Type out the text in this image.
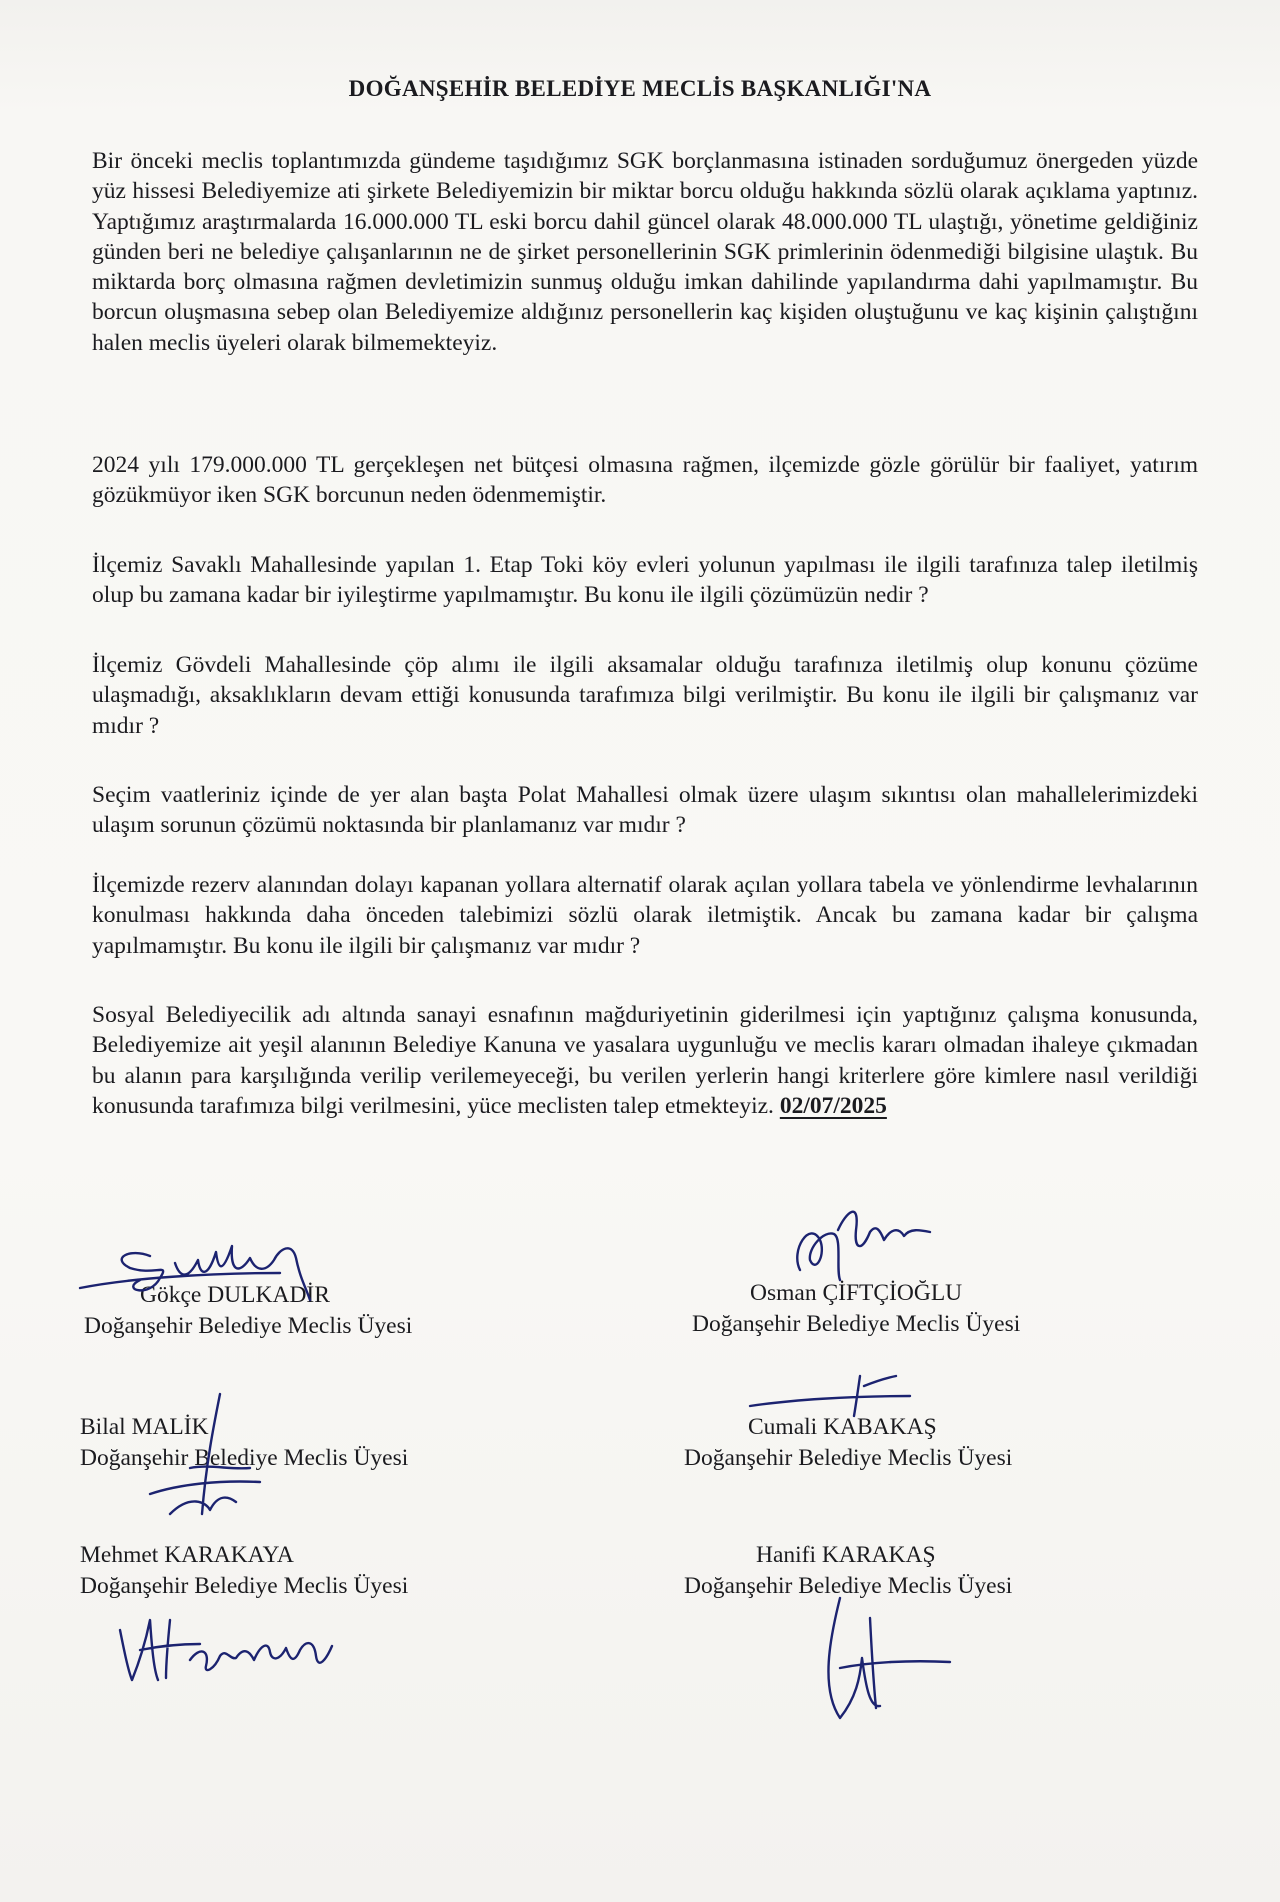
DOĞANŞEHİR BELEDİYE MECLİS BAŞKANLIĞI'NA

Bir önceki meclis toplantımızda gündeme taşıdığımız SGK borçlanmasına istinaden sorduğumuz önergeden yüzde yüz hissesi Belediyemize ati şirkete Belediyemizin bir miktar borcu olduğu hakkında sözlü olarak açıklama yaptınız. Yaptığımız araştırmalarda 16.000.000 TL eski borcu dahil güncel olarak 48.000.000 TL ulaştığı, yönetime geldiğiniz günden beri ne belediye çalışanlarının ne de şirket personellerinin SGK primlerinin ödenmediği bilgisine ulaştık. Bu miktarda borç olmasına rağmen devletimizin sunmuş olduğu imkan dahilinde yapılandırma dahi yapılmamıştır. Bu borcun oluşmasına sebep olan Belediyemize aldığınız personellerin kaç kişiden oluştuğunu ve kaç kişinin çalıştığını halen meclis üyeleri olarak bilmemekteyiz.

2024 yılı 179.000.000 TL gerçekleşen net bütçesi olmasına rağmen, ilçemizde gözle görülür bir faaliyet, yatırım gözükmüyor iken SGK borcunun neden ödenmemiştir.

İlçemiz Savaklı Mahallesinde yapılan 1. Etap Toki köy evleri yolunun yapılması ile ilgili tarafınıza talep iletilmiş olup bu zamana kadar bir iyileştirme yapılmamıştır. Bu konu ile ilgili çözümüzün nedir ?

İlçemiz Gövdeli Mahallesinde çöp alımı ile ilgili aksamalar olduğu tarafınıza iletilmiş olup konunu çözüme ulaşmadığı, aksaklıkların devam ettiği konusunda tarafımıza bilgi verilmiştir. Bu konu ile ilgili bir çalışmanız var mıdır ?

Seçim vaatleriniz içinde de yer alan başta Polat Mahallesi olmak üzere ulaşım sıkıntısı olan mahallelerimizdeki ulaşım sorunun çözümü noktasında bir planlamanız var mıdır ?

İlçemizde rezerv alanından dolayı kapanan yollara alternatif olarak açılan yollara tabela ve yönlendirme levhalarının konulması hakkında daha önceden talebimizi sözlü olarak iletmiştik. Ancak bu zamana kadar bir çalışma yapılmamıştır. Bu konu ile ilgili bir çalışmanız var mıdır ?

Sosyal Belediyecilik adı altında sanayi esnafının mağduriyetinin giderilmesi için yaptığınız çalışma konusunda, Belediyemize ait yeşil alanının Belediye Kanuna ve yasalara uygunluğu ve meclis kararı olmadan ihaleye çıkmadan bu alanın para karşılığında verilip verilemeyeceği, bu verilen yerlerin hangi kriterlere göre kimlere nasıl verildiği konusunda tarafımıza bilgi verilmesini, yüce meclisten talep etmekteyiz. 02/07/2025

Gökçe DULKADİR
Doğanşehir Belediye Meclis Üyesi
Osman ÇİFTÇİOĞLU
Doğanşehir Belediye Meclis Üyesi
Bilal MALİK
Doğanşehir Belediye Meclis Üyesi
Cumali KABAKAŞ
Doğanşehir Belediye Meclis Üyesi
Mehmet KARAKAYA
Doğanşehir Belediye Meclis Üyesi
Hanifi KARAKAŞ
Doğanşehir Belediye Meclis Üyesi
